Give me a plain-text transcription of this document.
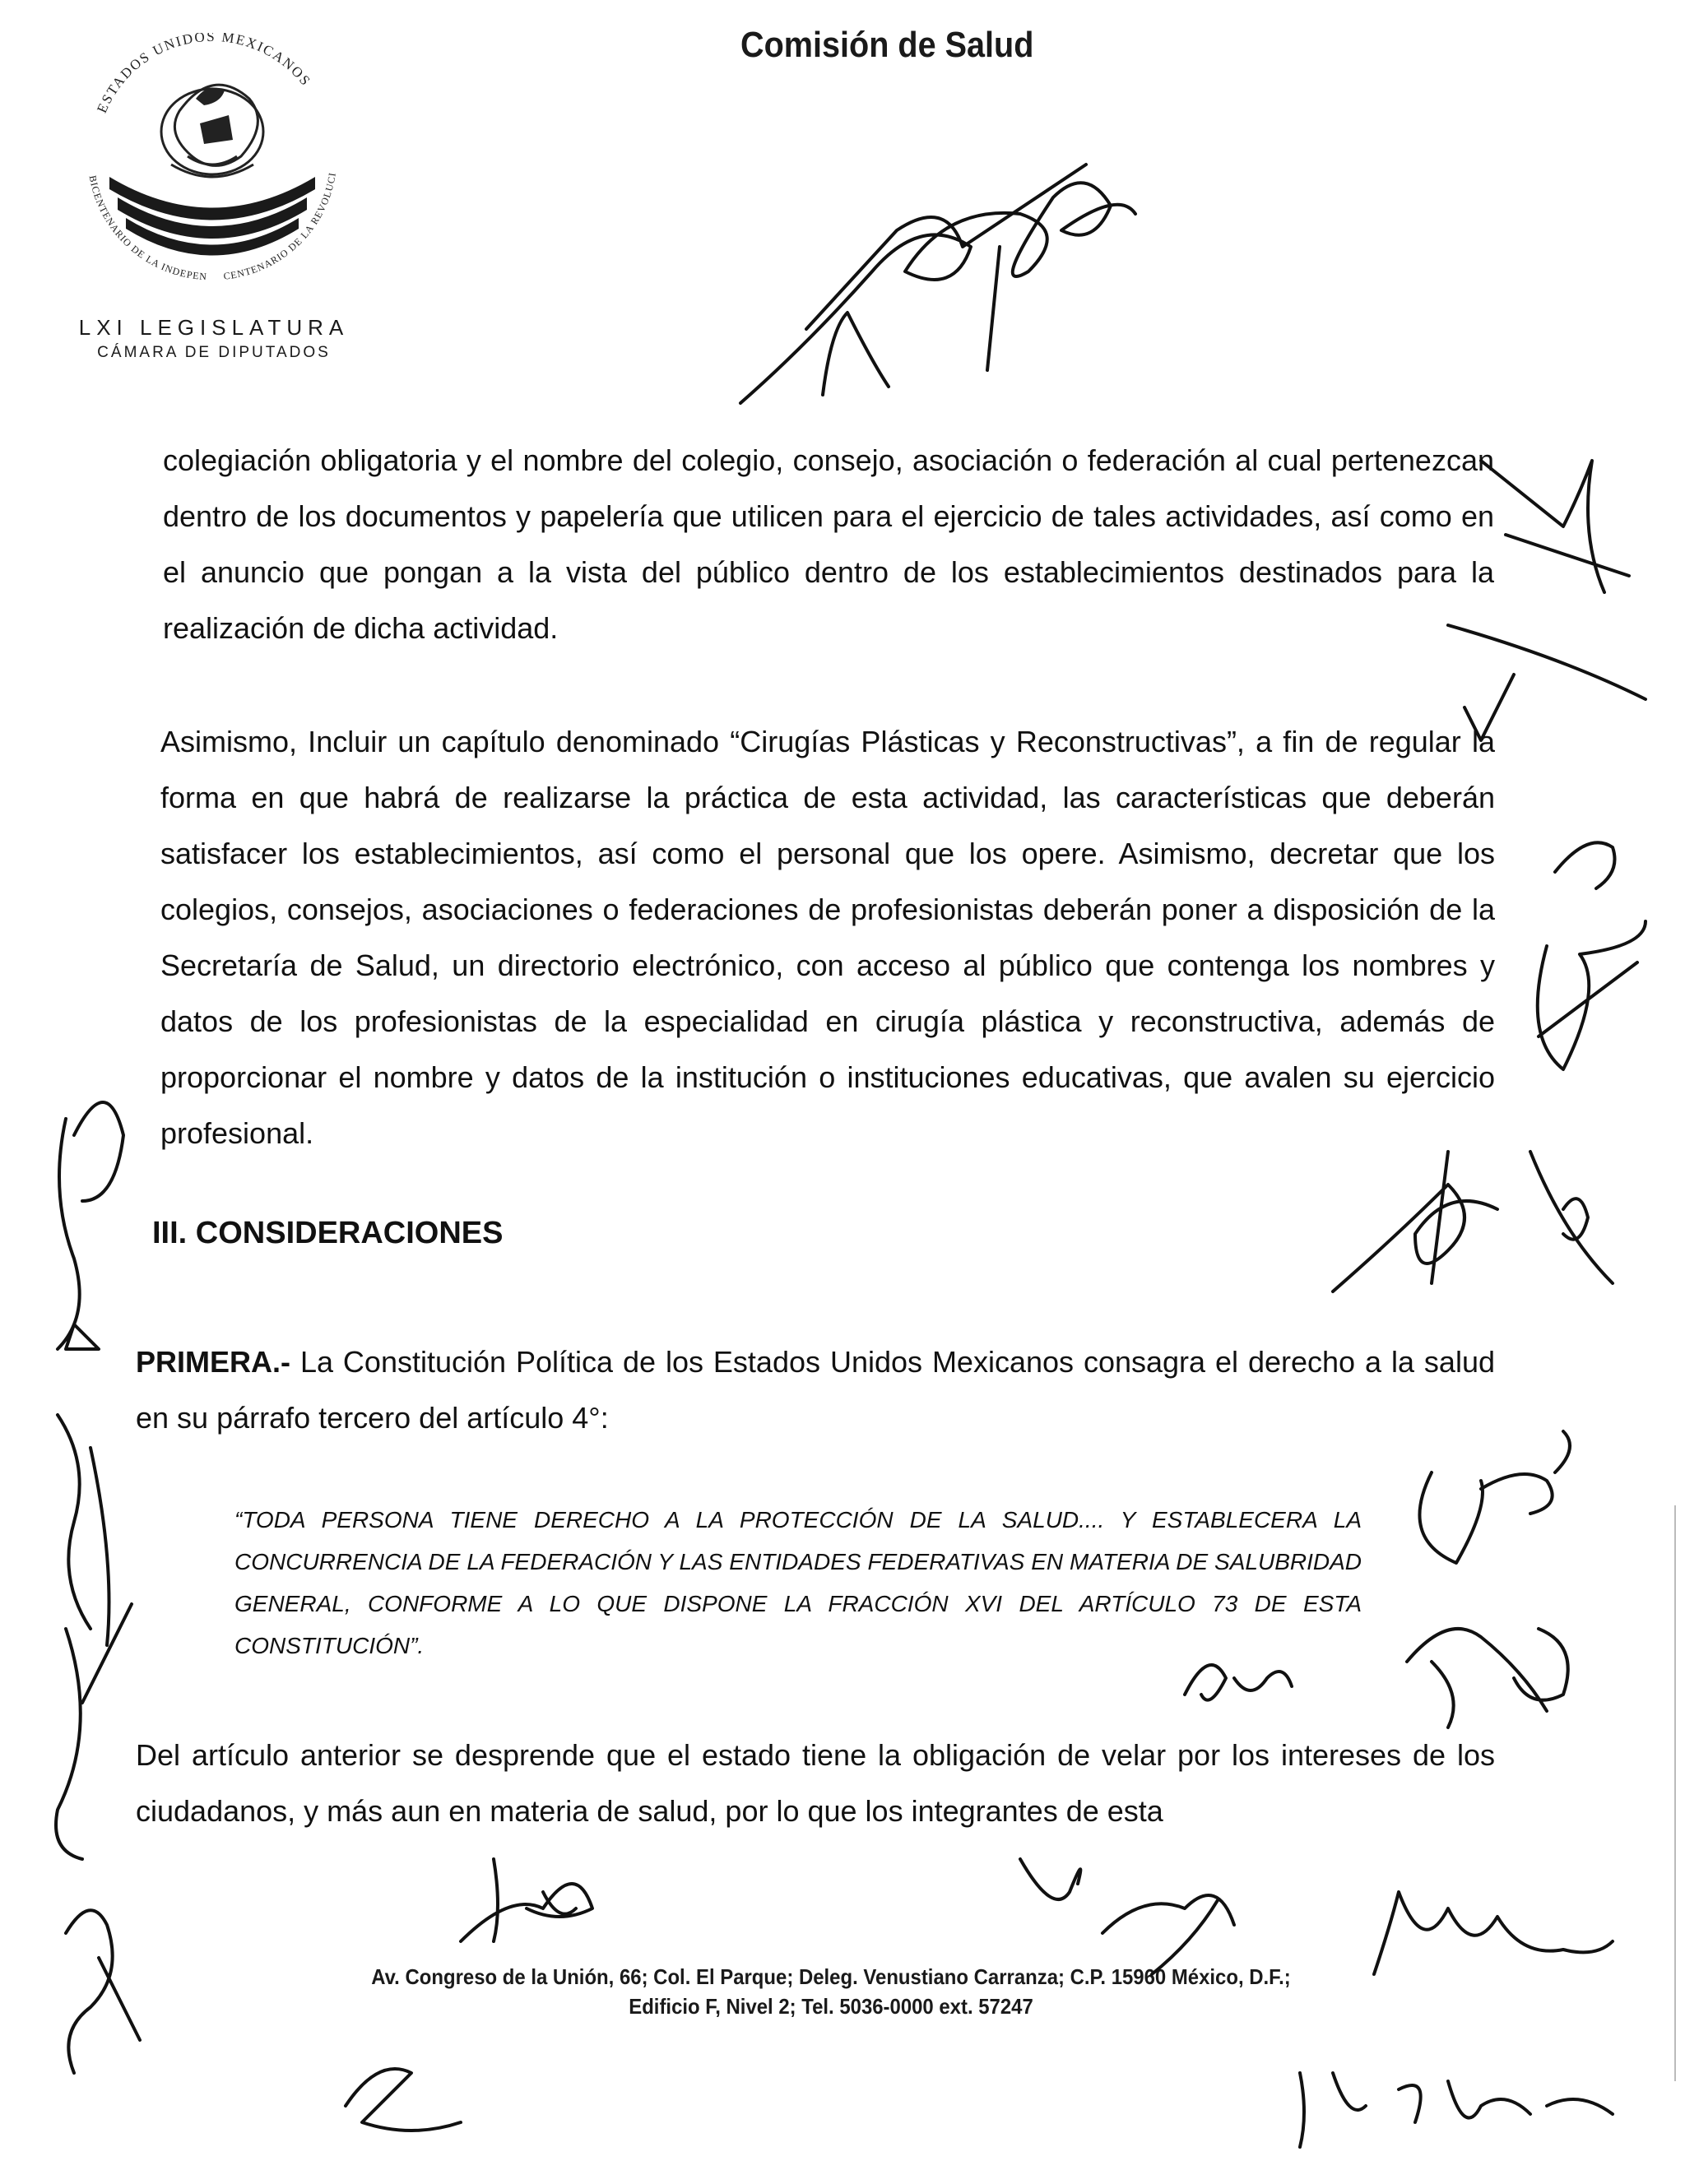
ESTADOS UNIDOS MEXICANOS
BICENTENARIO DE LA INDEPEN	CENTENARIO DE LA REVOLUCI
LXI LEGISLATURA
CÁMARA DE DIPUTADOS
Comisión de Salud
colegiación obligatoria y el nombre del colegio, consejo, asociación o federación al cual pertenezcan dentro de los documentos y papelería que utilicen para el ejercicio de tales actividades, así como en el anuncio que pongan a la vista del público dentro de los establecimientos destinados para la realización de dicha actividad.
Asimismo, Incluir un capítulo denominado “Cirugías Plásticas y Reconstructivas”, a fin de regular la forma en que habrá de realizarse la práctica de esta actividad, las características que deberán satisfacer los establecimientos, así como el personal que los opere. Asimismo, decretar que los colegios, consejos, asociaciones o federaciones de profesionistas deberán poner a disposición de la Secretaría de Salud, un directorio electrónico, con acceso al público que contenga los nombres y datos de los profesionistas de la especialidad en cirugía plástica y reconstructiva, además de proporcionar el nombre y datos de la institución o instituciones educativas, que avalen su ejercicio profesional.
III. CONSIDERACIONES
PRIMERA.- La Constitución Política de los Estados Unidos Mexicanos consagra el derecho a la salud en su párrafo tercero del artículo 4°:
“TODA PERSONA TIENE DERECHO A LA PROTECCIÓN DE LA SALUD.... Y ESTABLECERA LA CONCURRENCIA DE LA FEDERACIÓN Y LAS ENTIDADES FEDERATIVAS EN MATERIA DE SALUBRIDAD GENERAL, CONFORME A LO QUE DISPONE LA FRACCIÓN XVI DEL ARTÍCULO 73 DE ESTA CONSTITUCIÓN”.
Del artículo anterior se desprende que el estado tiene la obligación de velar por los intereses de los ciudadanos, y más aun en materia de salud, por lo que los integrantes de esta
Av. Congreso de la Unión, 66; Col. El Parque; Deleg. Venustiano Carranza; C.P. 15960 México, D.F.;
Edificio F, Nivel 2; Tel. 5036-0000 ext. 57247
